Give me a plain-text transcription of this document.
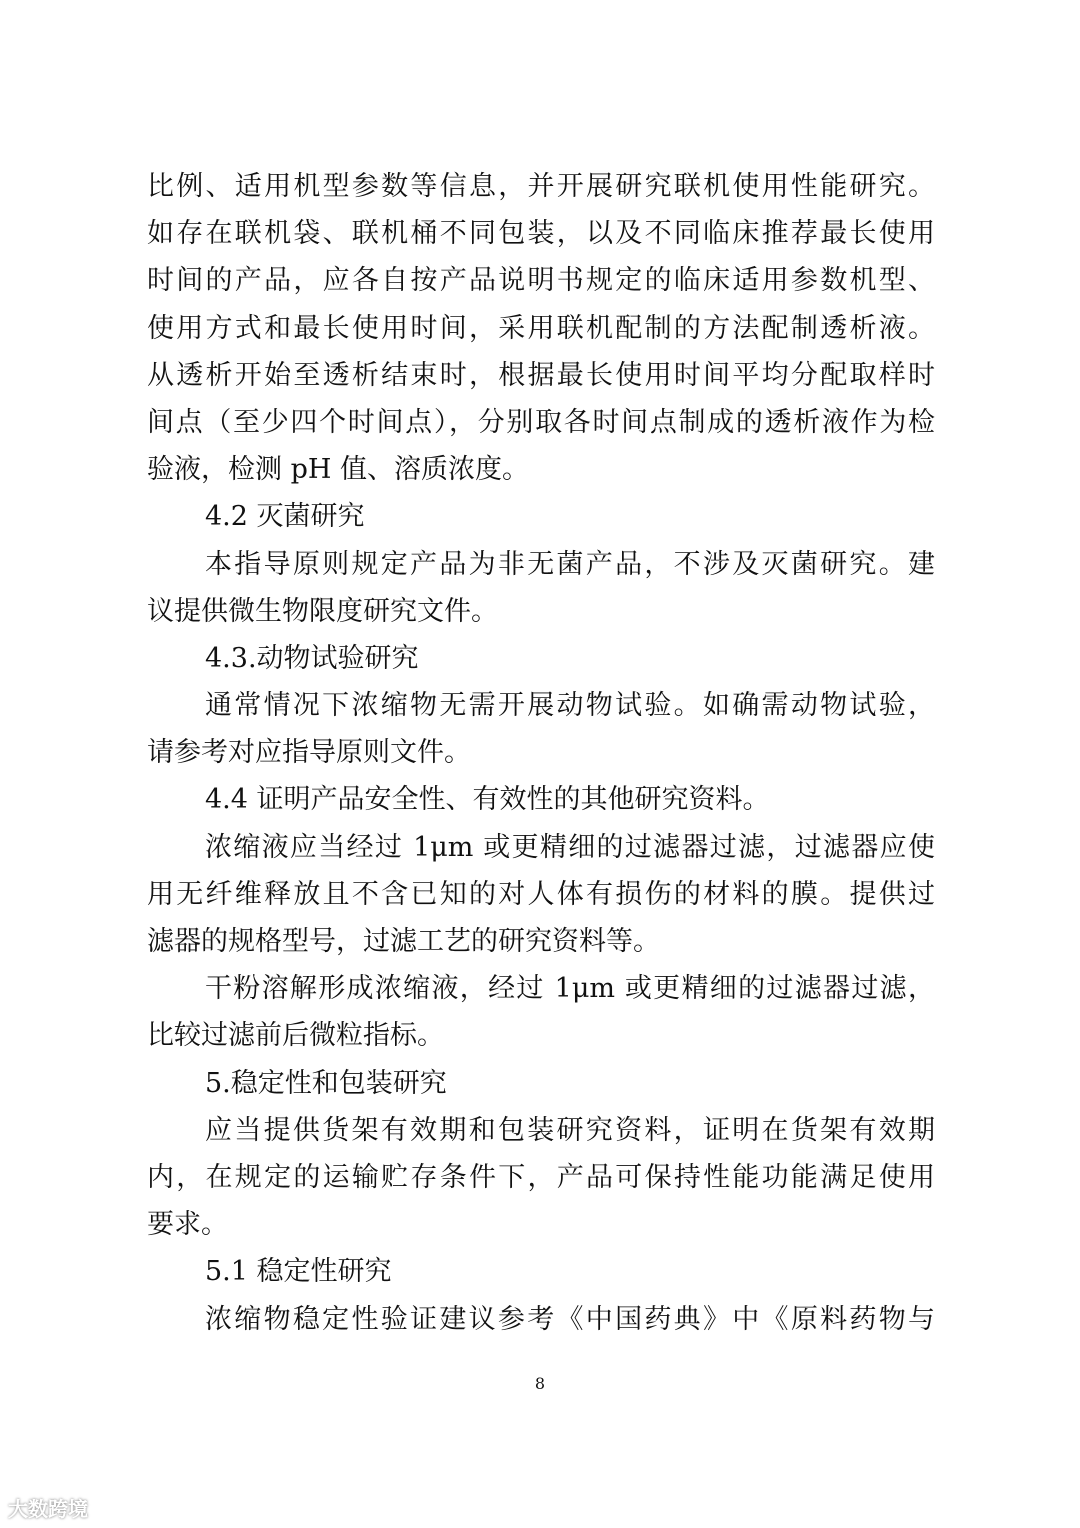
比例、适用机型参数等信息，并开展研究联机使用性能研究。
如存在联机袋、联机桶不同包装，以及不同临床推荐最长使用
时间的产品，应各自按产品说明书规定的临床适用参数机型、
使用方式和最长使用时间，采用联机配制的方法配制透析液。
从透析开始至透析结束时，根据最长使用时间平均分配取样时
间点（至少四个时间点），分别取各时间点制成的透析液作为检
验液，检测 pH 值、溶质浓度。
4.2 灭菌研究
本指导原则规定产品为非无菌产品，不涉及灭菌研究。建
议提供微生物限度研究文件。
4.3.动物试验研究
通常情况下浓缩物无需开展动物试验。如确需动物试验，
请参考对应指导原则文件。
4.4 证明产品安全性、有效性的其他研究资料。
浓缩液应当经过 1μm 或更精细的过滤器过滤，过滤器应使
用无纤维释放且不含已知的对人体有损伤的材料的膜。提供过
滤器的规格型号，过滤工艺的研究资料等。
干粉溶解形成浓缩液，经过 1μm 或更精细的过滤器过滤，
比较过滤前后微粒指标。
5.稳定性和包装研究
应当提供货架有效期和包装研究资料，证明在货架有效期
内，在规定的运输贮存条件下，产品可保持性能功能满足使用
要求。
5.1 稳定性研究
浓缩物稳定性验证建议参考《中国药典》中《原料药物与
8
大数跨境
